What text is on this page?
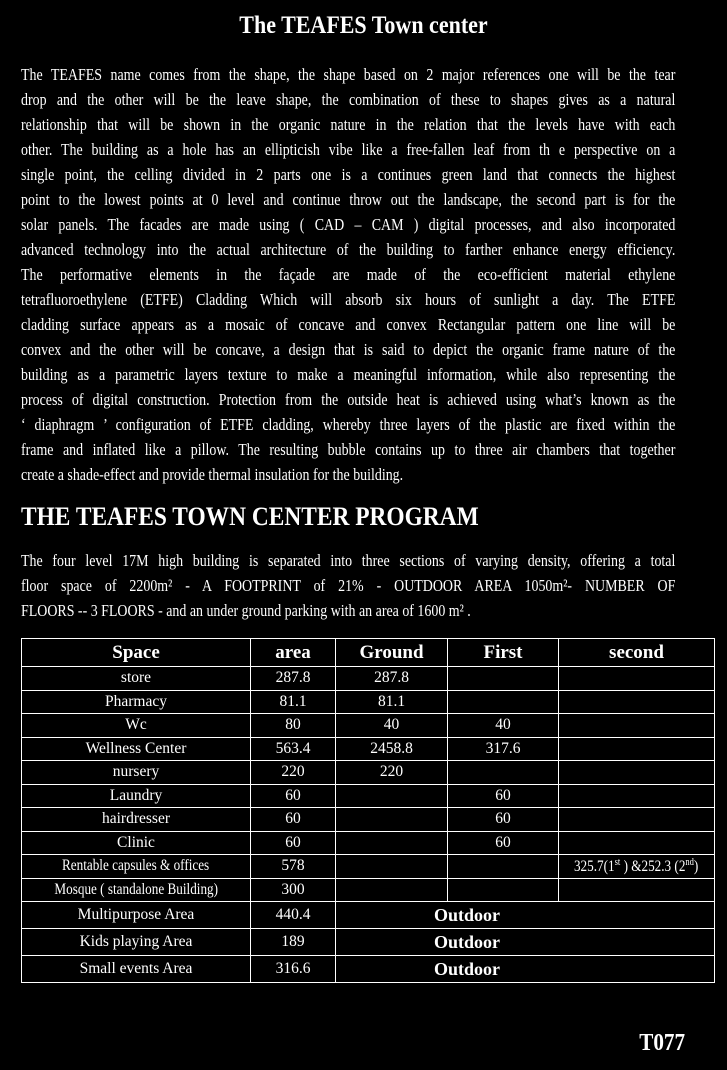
The TEAFES Town center
The TEAFES name comes from the shape, the shape based on 2 major references one will be the tear
drop and the other will be the leave shape, the combination of these to shapes gives as a natural
relationship that will be shown in the organic nature in the relation that the levels have with each
other. The building as a hole has an ellipticish vibe like a free-fallen leaf from th e perspective on a
single point, the celling divided in 2 parts one is a continues green land that connects the highest
point to the lowest points at 0 level and continue throw out the landscape, the second part is for the
solar panels. The facades are made using ( CAD – CAM ) digital processes, and also incorporated
advanced technology into the actual architecture of the building to farther enhance energy efficiency.
The performative elements in the façade are made of the eco-efficient material ethylene
tetrafluoroethylene (ETFE) Cladding Which will absorb six hours of sunlight a day. The ETFE
cladding surface appears as a mosaic of concave and convex Rectangular pattern one line will be
convex and the other will be concave, a design that is said to depict the organic frame nature of the
building as a parametric layers texture to make a meaningful information, while also representing the
process of digital construction. Protection from the outside heat is achieved using what’s known as the
‘ diaphragm ’ configuration of ETFE cladding, whereby three layers of the plastic are fixed within the
frame and inflated like a pillow. The resulting bubble contains up to three air chambers that together
create a shade-effect and provide thermal insulation for the building.
THE TEAFES TOWN CENTER PROGRAM
The four level 17M high building is separated into three sections of varying density, offering a total
floor space of 2200m² - A FOOTPRINT of 21% - OUTDOOR AREA 1050m²- NUMBER OF
FLOORS -- 3 FLOORS - and an under ground parking with an area of 1600 m² .
Space	area	Ground	First	second
store	287.8	287.8		
Pharmacy	81.1	81.1		
Wc	80	40	40	
Wellness Center	563.4	2458.8	317.6	
nursery	220	220		
Laundry	60		60	
hairdresser	60		60	
Clinic	60		60	
Rentable capsules & offices	578			325.7(1st ) &252.3 (2nd)
Mosque ( standalone Building)	300			
Multipurpose Area	440.4	Outdoor		
Kids playing Area	189	Outdoor		
Small events Area	316.6	Outdoor		
T077
